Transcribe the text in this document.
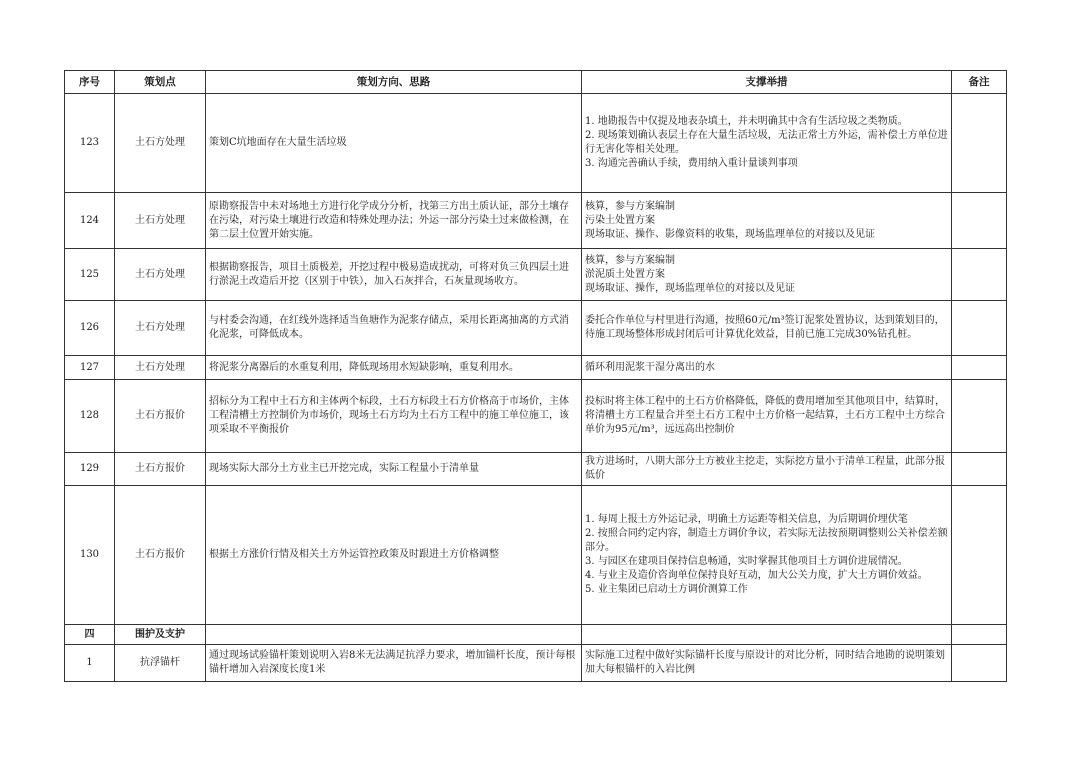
序号	策划点	策划方向、思路	支撑举措	备注
123	土石方处理	策划C坑地面存在大量生活垃圾	1. 地勘报告中仅提及地表杂填土，并未明确其中含有生活垃圾之类物质。
2. 现场策划确认表层土存在大量生活垃圾，无法正常土方外运，需补偿土方单位进行无害化等相关处理。
3. 沟通完善确认手续，费用纳入重计量谈判事项	

124	土石方处理	原勘察报告中未对场地土方进行化学成分分析，找第三方出土质认证，部分土壤存在污染，对污染土壤进行改造和特殊处理办法；外运一部分污染土过来做检测，在第二层土位置开始实施。	核算，参与方案编制
污染土处置方案
现场取证、操作、影像资料的收集，现场监理单位的对接以及见证	

125	土石方处理	根据勘察报告，项目土质极差，开挖过程中极易造成扰动，可将对负三负四层土进行淤泥土改造后开挖（区别于中铁），加入石灰拌合，石灰量现场收方。	核算，参与方案编制
淤泥质土处置方案
现场取证、操作，现场监理单位的对接以及见证	

126	土石方处理	与村委会沟通，在红线外选择适当鱼塘作为泥浆存储点，采用长距离抽离的方式消化泥浆，可降低成本。	委托合作单位与村里进行沟通，按照60元/m³签订泥浆处置协议，达到策划目的，待施工现场整体形成封闭后可计算优化效益，目前已施工完成30%钻孔桩。	

127	土石方处理	将泥浆分离器后的水重复利用，降低现场用水短缺影响，重复利用水。	循环利用泥浆干湿分离出的水	

128	土石方报价	招标分为工程中土石方和主体两个标段，土石方标段土石方价格高于市场价，主体工程清槽土方控制价为市场价，现场土石方均为土石方工程中的施工单位施工，该项采取不平衡报价	投标时将主体工程中的土石方价格降低，降低的费用增加至其他项目中，结算时，将清槽土方工程量合并至土石方工程中土方价格一起结算，土石方工程中土方综合单价为95元/m³，远远高出控制价	

129	土石方报价	现场实际大部分土方业主已开挖完成，实际工程量小于清单量	我方进场时，八期大部分土方被业主挖走，实际挖方量小于清单工程量，此部分报低价	

130	土石方报价	根据土方涨价行情及相关土方外运管控政策及时跟进土方价格调整	1. 每周上报土方外运记录，明确土方运距等相关信息，为后期调价埋伏笔
2. 按照合同约定内容，制造土方调价争议，若实际无法按预期调整则公关补偿差额部分。
3. 与园区在建项目保持信息畅通，实时掌握其他项目土方调价进展情况。
4. 与业主及造价咨询单位保持良好互动，加大公关力度，扩大土方调价效益。
5. 业主集团已启动土方调价测算工作	

四	围护及支护			
1	抗浮锚杆	通过现场试验锚杆策划说明入岩8米无法满足抗浮力要求，增加锚杆长度，预计每根锚杆增加入岩深度长度1米	实际施工过程中做好实际锚杆长度与原设计的对比分析，同时结合地勘的说明策划加大每根锚杆的入岩比例	
